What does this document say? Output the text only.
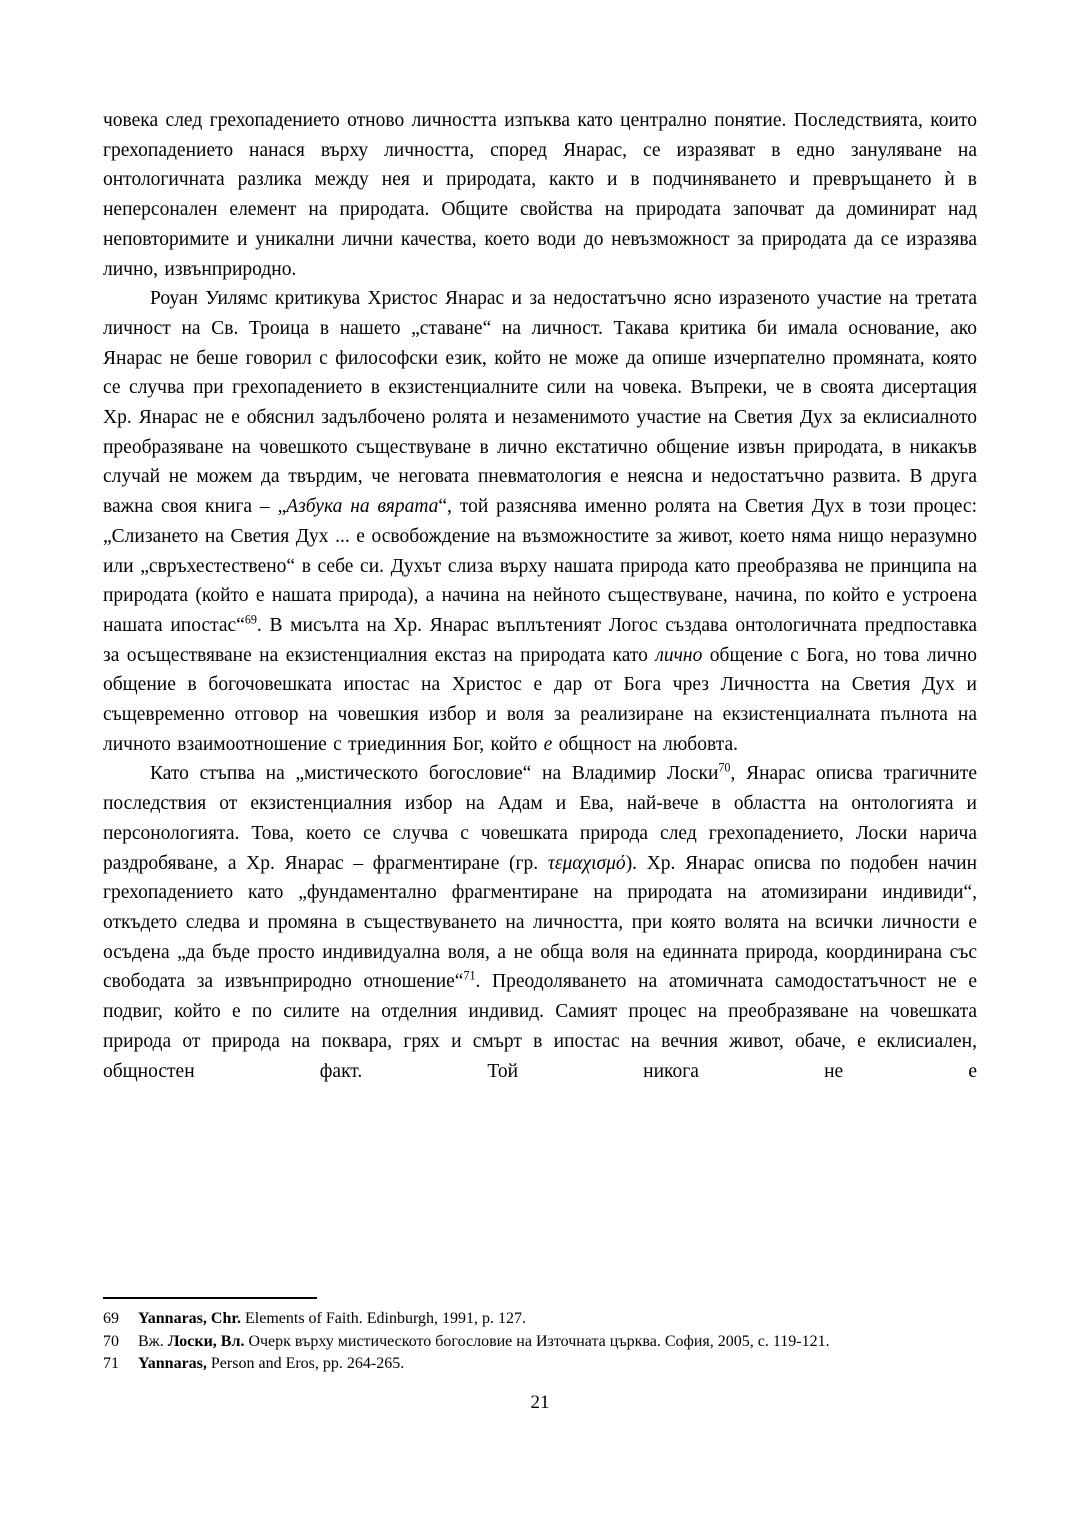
човека след грехопадението отново личността изпъква като централно понятие. Последствията, които грехопадението нанася върху личността, според Янарас, се изразяват в едно зануляване на онтологичната разлика между нея и природата, както и в подчиняването и превръщането ѝ в неперсонален елемент на природата. Общите свойства на природата започват да доминират над неповторимите и уникални лични качества, което води до невъзможност за природата да се изразява лично, извънприродно.

Роуан Уилямс критикува Христос Янарас и за недостатъчно ясно изразеното участие на третата личност на Св. Троица в нашето „ставане“ на личност. Такава критика би имала основание, ако Янарас не беше говорил с философски език, който не може да опише изчерпателно промяната, която се случва при грехопадението в екзистенциалните сили на човека. Въпреки, че в своята дисертация Хр. Янарас не е обяснил задълбочено ролята и незаменимото участие на Светия Дух за еклисиалното преобразяване на човешкото съществуване в лично екстатично общение извън природата, в никакъв случай не можем да твърдим, че неговата пневматология е неясна и недостатъчно развита. В друга важна своя книга – „Азбука на вярата“, той разяснява именно ролята на Светия Дух в този процес: „Слизането на Светия Дух ... е освобождение на възможностите за живот, което няма нищо неразумно или „свръхестествено“ в себе си. Духът слиза върху нашата природа като преобразява не принципа на природата (който е нашата природа), а начина на нейното съществуване, начина, по който е устроена нашата ипостас“$^{69}$. В мисълта на Хр. Янарас въплътеният Логос създава онтологичната предпоставка за осъществяване на екзистенциалния екстаз на природата като лично общение с Бога, но това лично общение в богочовешката ипостас на Христос е дар от Бога чрез Личността на Светия Дух и същевременно отговор на човешкия избор и воля за реализиране на екзистенциалната пълнота на личното взаимоотношение с триединния Бог, който е общност на любовта.

Като стъпва на „мистическото богословие“ на Владимир Лоски$^{70}$, Янарас описва трагичните последствия от екзистенциалния избор на Адам и Ева, най-вече в областта на онтологията и персонологията. Това, което се случва с човешката природа след грехопадението, Лоски нарича раздробяване, а Хр. Янарас – фрагментиране (гр. τεμαχισμό). Хр. Янарас описва по подобен начин грехопадението като „фундаментално фрагментиране на природата на атомизирани индивиди“, откъдето следва и промяна в съществуването на личността, при която волята на всички личности е осъдена „да бъде просто индивидуална воля, а не обща воля на единната природа, координирана със свободата за извънприродно отношение“$^{71}$. Преодоляването на атомичната самодостатъчност не е подвиг, който е по силите на отделния индивид. Самият процес на преобразяване на човешката природа от природа на поквара, грях и смърт в ипостас на вечния живот, обаче, е еклисиален, общностен факт. Той никога не е

69	Yannaras, Chr. Elements of Faith. Edinburgh, 1991, p. 127.
70	Вж. Лоски, Вл. Очерк върху мистическото богословие на Източната църква. София, 2005, с. 119-121.
71	Yannaras, Person and Eros, pp. 264-265.
21
